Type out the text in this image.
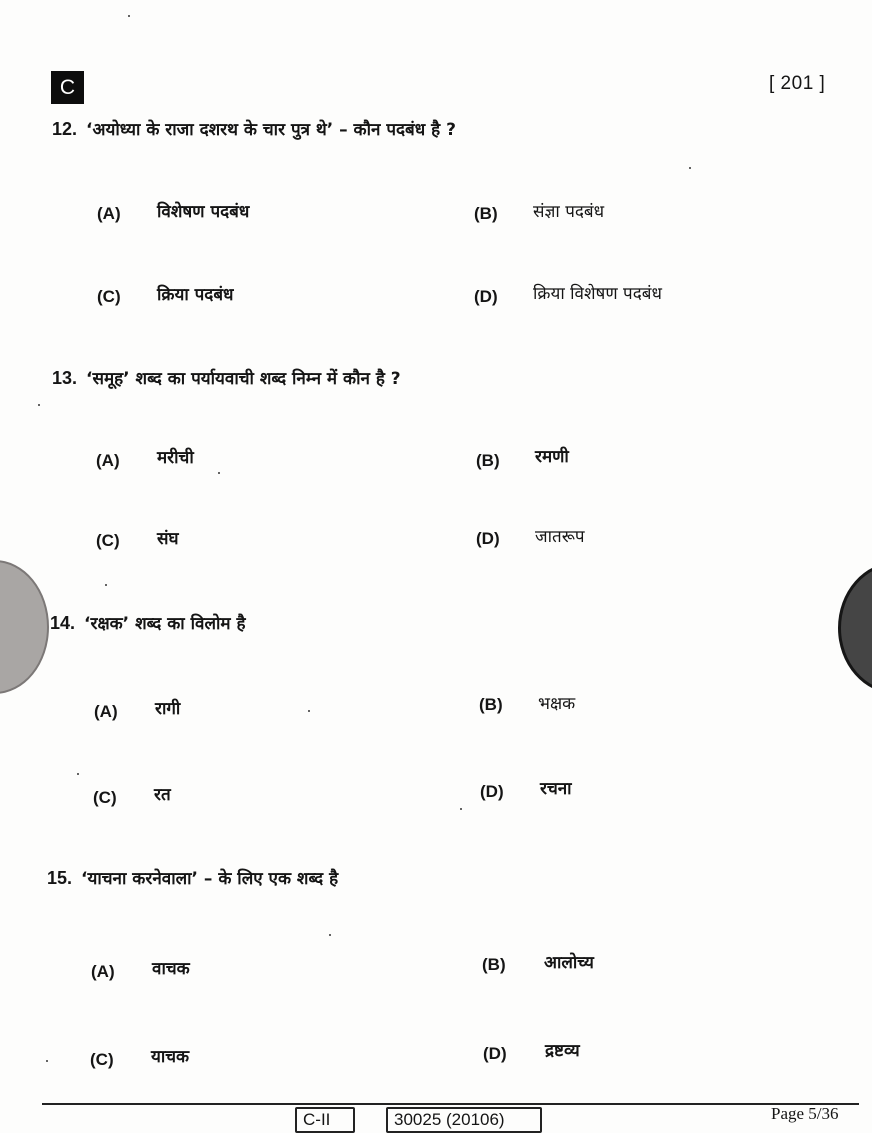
C	[ 201 ]
12. ‘अयोध्या के राजा दशरथ के चार पुत्र थे’ – कौन पदबंध है ?
(A) विशेषण पदबंध	(B) संज्ञा पदबंध
(C) क्रिया पदबंध	(D) क्रिया विशेषण पदबंध
13. ‘समूह’ शब्द का पर्यायवाची शब्द निम्न में कौन है ?
(A) मरीची	(B) रमणी
(C) संघ	(D) जातरूप
14. ‘रक्षक’ शब्द का विलोम है
(A) रागी	(B) भक्षक
(C) रत	(D) रचना
15. ‘याचना करनेवाला’ – के लिए एक शब्द है
(A) वाचक	(B) आलोच्य
(C) याचक	(D) द्रष्टव्य
C-II	30025 (20106)	Page 5/36
